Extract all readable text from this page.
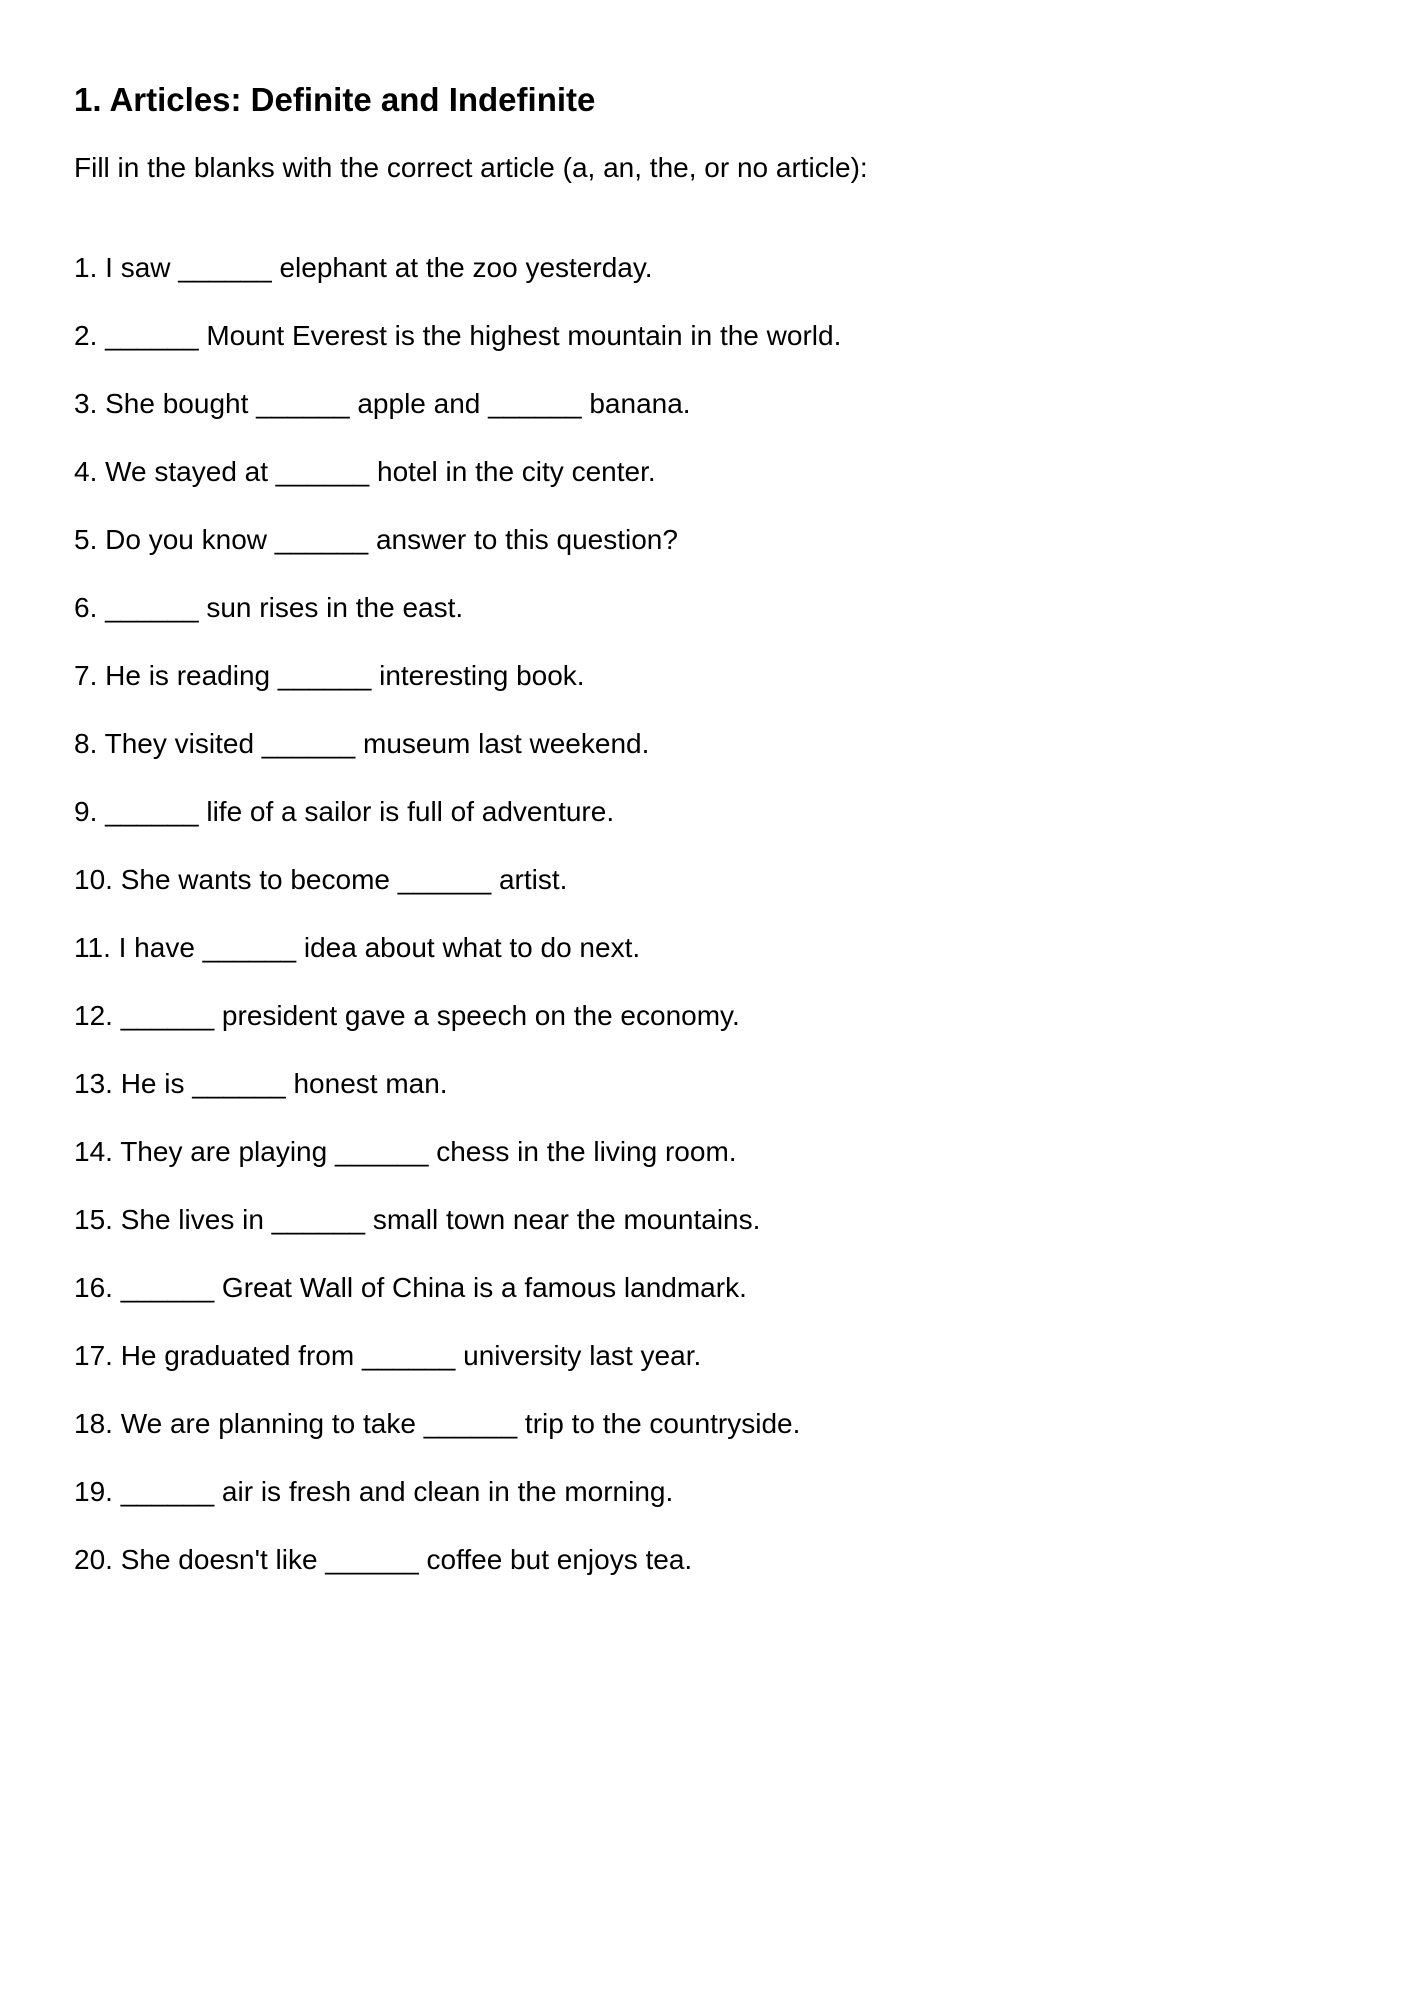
1. Articles: Definite and Indefinite

Fill in the blanks with the correct article (a, an, the, or no article):

1. I saw ______ elephant at the zoo yesterday.
2. ______ Mount Everest is the highest mountain in the world.
3. She bought ______ apple and ______ banana.
4. We stayed at ______ hotel in the city center.
5. Do you know ______ answer to this question?
6. ______ sun rises in the east.
7. He is reading ______ interesting book.
8. They visited ______ museum last weekend.
9. ______ life of a sailor is full of adventure.
10. She wants to become ______ artist.
11. I have ______ idea about what to do next.
12. ______ president gave a speech on the economy.
13. He is ______ honest man.
14. They are playing ______ chess in the living room.
15. She lives in ______ small town near the mountains.
16. ______ Great Wall of China is a famous landmark.
17. He graduated from ______ university last year.
18. We are planning to take ______ trip to the countryside.
19. ______ air is fresh and clean in the morning.
20. She doesn't like ______ coffee but enjoys tea.
